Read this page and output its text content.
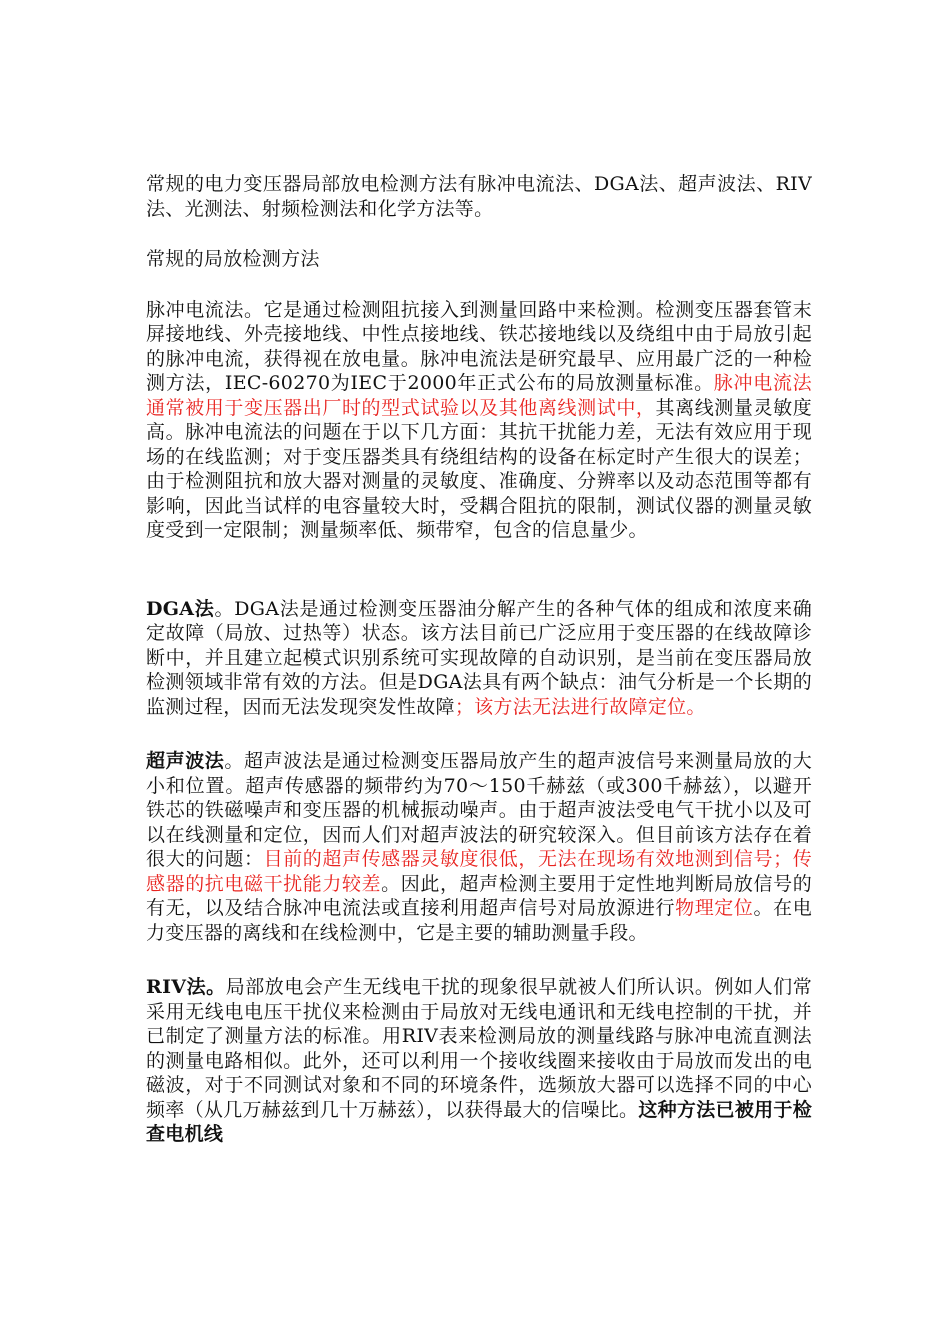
常规的电力变压器局部放电检测方法有脉冲电流法、DGA法、超声波法、RIV法、光测法、射频检测法和化学方法等。

常规的局放检测方法

脉冲电流法。它是通过检测阻抗接入到测量回路中来检测。检测变压器套管末屏接地线、外壳接地线、中性点接地线、铁芯接地线以及绕组中由于局放引起的脉冲电流，获得视在放电量。脉冲电流法是研究最早、应用最广泛的一种检测方法，IEC-60270为IEC于2000年正式公布的局放测量标准。脉冲电流法通常被用于变压器出厂时的型式试验以及其他离线测试中，其离线测量灵敏度高。脉冲电流法的问题在于以下几方面：其抗干扰能力差，无法有效应用于现场的在线监测；对于变压器类具有绕组结构的设备在标定时产生很大的误差；由于检测阻抗和放大器对测量的灵敏度、准确度、分辨率以及动态范围等都有影响，因此当试样的电容量较大时，受耦合阻抗的限制，测试仪器的测量灵敏度受到一定限制；测量频率低、频带窄，包含的信息量少。

DGA法。DGA法是通过检测变压器油分解产生的各种气体的组成和浓度来确定故障（局放、过热等）状态。该方法目前已广泛应用于变压器的在线故障诊断中，并且建立起模式识别系统可实现故障的自动识别，是当前在变压器局放检测领域非常有效的方法。但是DGA法具有两个缺点：油气分析是一个长期的监测过程，因而无法发现突发性故障；该方法无法进行故障定位。

超声波法。超声波法是通过检测变压器局放产生的超声波信号来测量局放的大小和位置。超声传感器的频带约为70～150千赫兹（或300千赫兹），以避开铁芯的铁磁噪声和变压器的机械振动噪声。由于超声波法受电气干扰小以及可以在线测量和定位，因而人们对超声波法的研究较深入。但目前该方法存在着很大的问题：目前的超声传感器灵敏度很低，无法在现场有效地测到信号；传感器的抗电磁干扰能力较差。因此，超声检测主要用于定性地判断局放信号的有无，以及结合脉冲电流法或直接利用超声信号对局放源进行物理定位。在电力变压器的离线和在线检测中，它是主要的辅助测量手段。

RIV法。局部放电会产生无线电干扰的现象很早就被人们所认识。例如人们常采用无线电电压干扰仪来检测由于局放对无线电通讯和无线电控制的干扰，并已制定了测量方法的标准。用RIV表来检测局放的测量线路与脉冲电流直测法的测量电路相似。此外，还可以利用一个接收线圈来接收由于局放而发出的电磁波，对于不同测试对象和不同的环境条件，选频放大器可以选择不同的中心频率（从几万赫兹到几十万赫兹），以获得最大的信噪比。这种方法已被用于检查电机线
